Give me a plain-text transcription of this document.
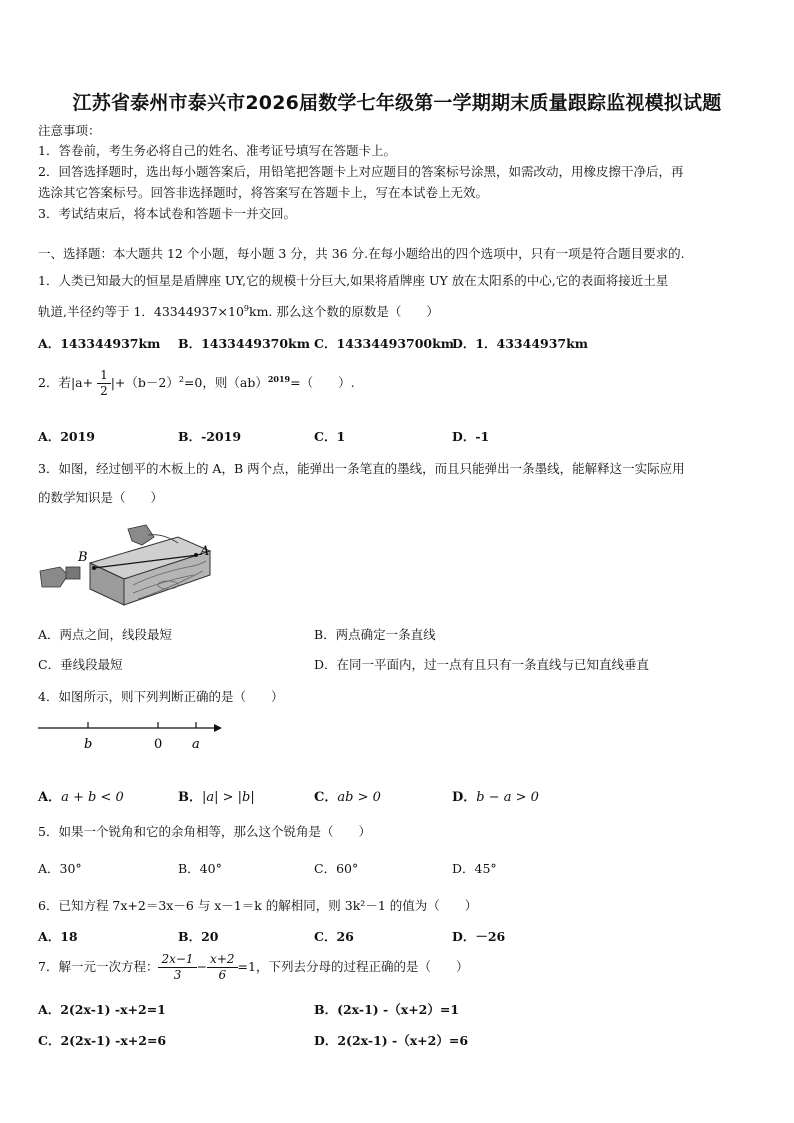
江苏省泰州市泰兴市2026届数学七年级第一学期期末质量跟踪监视模拟试题
注意事项：
1．答卷前，考生务必将自己的姓名、准考证号填写在答题卡上。
2．回答选择题时，选出每小题答案后，用铅笔把答题卡上对应题目的答案标号涂黑，如需改动，用橡皮擦干净后，再
选涂其它答案标号。回答非选择题时，将答案写在答题卡上，写在本试卷上无效。
3．考试结束后，将本试卷和答题卡一并交回。
一、选择题：本大题共 12 个小题，每小题 3 分，共 36 分.在每小题给出的四个选项中，只有一项是符合题目要求的.
1．人类已知最大的恒星是盾牌座 UY,它的规模十分巨大,如果将盾牌座 UY 放在太阳系的中心,它的表面将接近土星
轨道,半径约等于 1．$43344937\times 10^9km$. 那么这个数的原数是（　　）
A．143344937km B．1433449370km C．14334493700km
D．1．43344937km
2．若$|a+ \frac{1}{2} |+(b-2)^2=0$，则（ab）$^{2019}$=（　　）.
A．2019	B．-2019	C．1	D．-1
3．如图，经过刨平的木板上的 A，B 两个点，能弹出一条笔直的墨线，而且只能弹出一条墨线，能解释这一实际应用
的数学知识是（　　）
B	A
A．两点之间，线段最短	B．两点确定一条直线
C．垂线段最短	D．在同一平面内，过一点有且只有一条直线与已知直线垂直
4．如图所示，则下列判断正确的是（　　）
b	0 a
A．a + b < 0	B．|a| > |b|	C．ab > 0	D．b − a > 0
5．如果一个锐角和它的余角相等，那么这个锐角是（　　）
A．30°	B．40°	C．60°	D．45°
6．已知方程 7x+2＝3x－6 与 x－1＝k 的解相同，则 3k²－1 的值为（　　）
A．18	B．20	C．26	D．－26
7．解一元一次方程： $\frac{2x-1}{3} - \frac{x+2}{6} =1$，下列去分母的过程正确的是（　　）
A．2(2x-1) -x+2=1	B．(2x-1) -（x+2）=1
C．2(2x-1) -x+2=6	D．2(2x-1) -（x+2）=6
